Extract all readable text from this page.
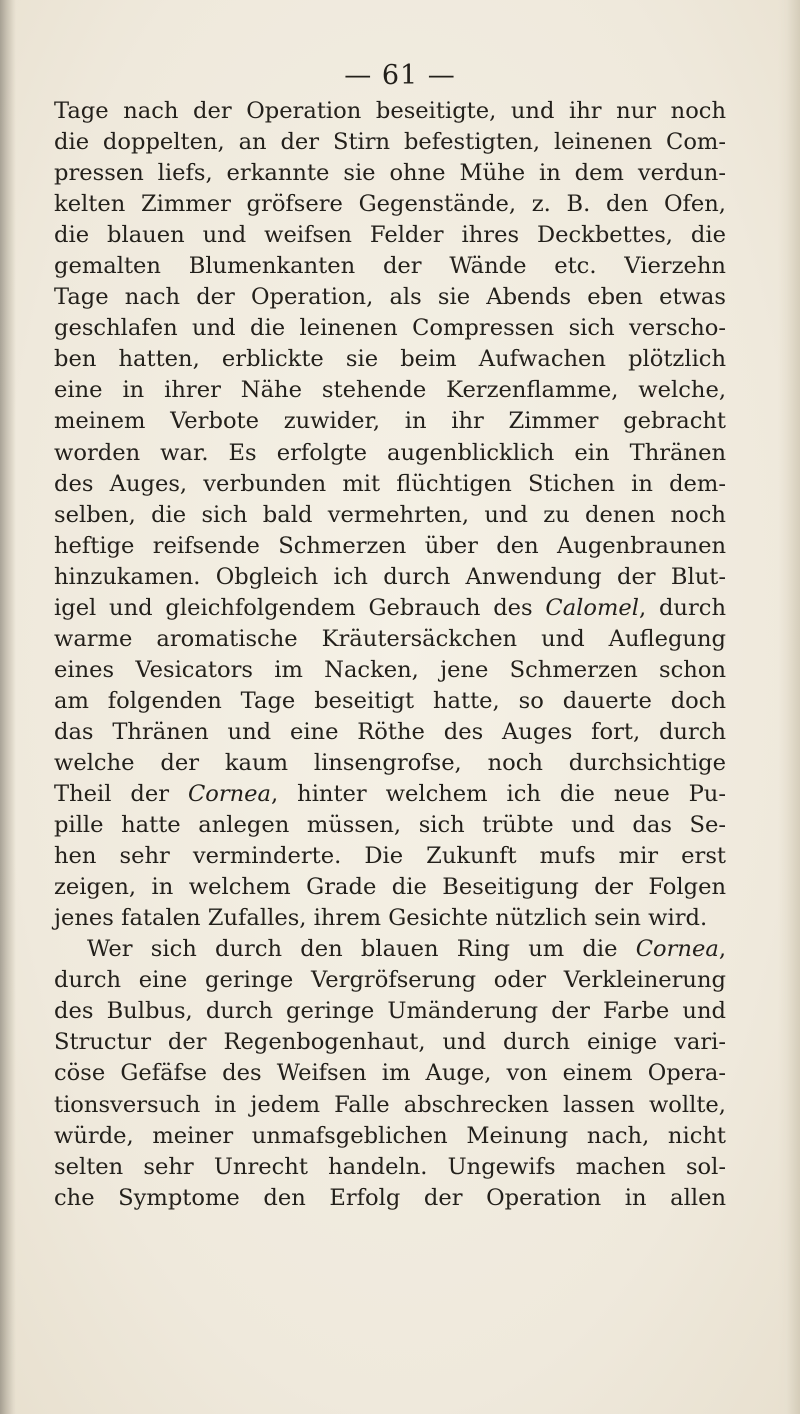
— 61 —
Tage nach der Operation beseitigte, und ihr nur noch
die doppelten, an der Stirn befestigten, leinenen Com-
pressen liefs, erkannte sie ohne Mühe in dem verdun-
kelten Zimmer gröfsere Gegenstände, z. B. den Ofen,
die blauen und weifsen Felder ihres Deckbettes, die
gemalten Blumenkanten der Wände etc. Vierzehn
Tage nach der Operation, als sie Abends eben etwas
geschlafen und die leinenen Compressen sich verscho-
ben hatten, erblickte sie beim Aufwachen plötzlich
eine in ihrer Nähe stehende Kerzenflamme, welche,
meinem Verbote zuwider, in ihr Zimmer gebracht
worden war. Es erfolgte augenblicklich ein Thränen
des Auges, verbunden mit flüchtigen Stichen in dem-
selben, die sich bald vermehrten, und zu denen noch
heftige reifsende Schmerzen über den Augenbraunen
hinzukamen. Obgleich ich durch Anwendung der Blut-
igel und gleichfolgendem Gebrauch des Calomel, durch
warme aromatische Kräutersäckchen und Auflegung
eines Vesicators im Nacken, jene Schmerzen schon
am folgenden Tage beseitigt hatte, so dauerte doch
das Thränen und eine Röthe des Auges fort, durch
welche der kaum linsengrofse, noch durchsichtige
Theil der Cornea, hinter welchem ich die neue Pu-
pille hatte anlegen müssen, sich trübte und das Se-
hen sehr verminderte. Die Zukunft mufs mir erst
zeigen, in welchem Grade die Beseitigung der Folgen
jenes fatalen Zufalles, ihrem Gesichte nützlich sein wird.
Wer sich durch den blauen Ring um die Cornea,
durch eine geringe Vergröfserung oder Verkleinerung
des Bulbus, durch geringe Umänderung der Farbe und
Structur der Regenbogenhaut, und durch einige vari-
cöse Gefäfse des Weifsen im Auge, von einem Opera-
tionsversuch in jedem Falle abschrecken lassen wollte,
würde, meiner unmafsgeblichen Meinung nach, nicht
selten sehr Unrecht handeln. Ungewifs machen sol-
che Symptome den Erfolg der Operation in allen
